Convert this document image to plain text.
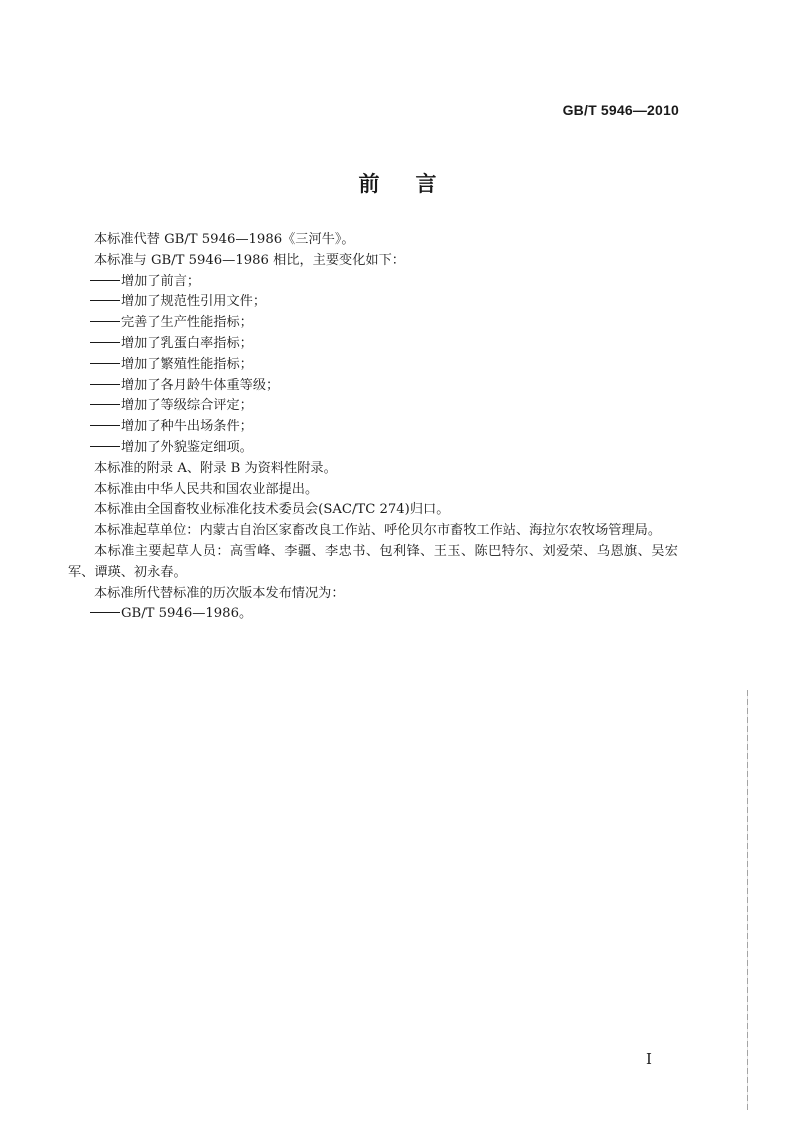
GB/T 5946—2010
前言

本标准代替 GB/T 5946—1986《三河牛》。

本标准与 GB/T 5946—1986 相比，主要变化如下：

增加了前言；

增加了规范性引用文件；

完善了生产性能指标；

增加了乳蛋白率指标；

增加了繁殖性能指标；

增加了各月龄牛体重等级；

增加了等级综合评定；

增加了种牛出场条件；

增加了外貌鉴定细项。

本标准的附录 A、附录 B 为资料性附录。

本标准由中华人民共和国农业部提出。

本标准由全国畜牧业标准化技术委员会(SAC/TC 274)归口。

本标准起草单位：内蒙古自治区家畜改良工作站、呼伦贝尔市畜牧工作站、海拉尔农牧场管理局。

本标准主要起草人员：高雪峰、李疆、李忠书、包利锋、王玉、陈巴特尔、刘爱荣、乌恩旗、吴宏军、谭瑛、初永春。

本标准所代替标准的历次版本发布情况为：

GB/T 5946—1986。

I
